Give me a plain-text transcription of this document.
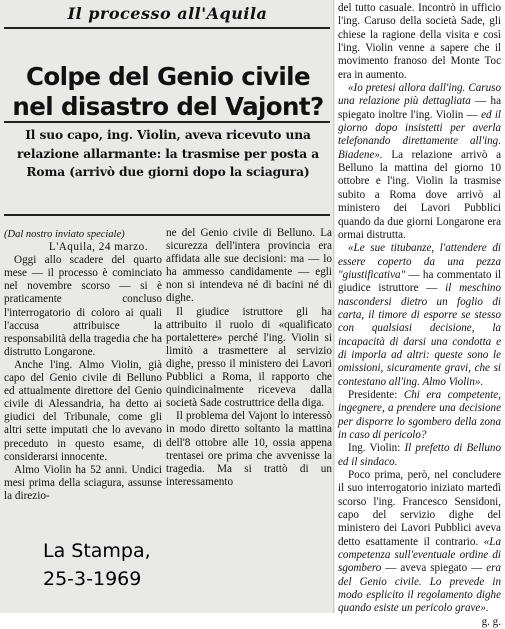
Il processo all'Aquila
Colpe del Genio civile
nel disastro del Vajont?
Il suo capo, ing. Violin, aveva ricevuto una relazione allarmante: la trasmise per posta a Roma (arrivò due giorni dopo la sciagura)

(Dal nostro inviato speciale)

L'Aquila, 24 marzo.

Oggi allo scadere del quarto mese — il processo è cominciato nel novembre scorso — si è praticamente concluso l'interrogatorio di coloro ai quali l'accusa attribuisce la responsabilità della tragedia che ha distrutto Longarone.

Anche l'ing. Almo Violin, già capo del Genio civile di Belluno ed attualmente direttore del Genio civile di Alessandria, ha detto ai giudici del Tribunale, come gli altri sette imputati che lo avevano preceduto in questo esame, di considerarsi innocente.

Almo Violin ha 52 anni. Undici mesi prima della sciagura, assunse la direzio-

ne del Genio civile di Belluno. La sicurezza dell'intera provincia era affidata alle sue decisioni: ma — lo ha ammesso candidamente — egli non si intendeva né di bacini né di dighe.

Il giudice istruttore gli ha attribuito il ruolo di «qualificato portalettere» perché l'ing. Violin si limitò a trasmettere al servizio dighe, presso il ministero dei Lavori Pubblici a Roma, il rapporto che quindicinalmente riceveva dalla società Sade costruttrice della diga.

Il problema del Vajont lo interessò in modo diretto soltanto la mattina dell'8 ottobre alle 10, ossia appena trentasei ore prima che avvenisse la tragedia. Ma si trattò di un interessamento

del tutto casuale. Incontrò in ufficio l'ing. Caruso della società Sade, gli chiese la ragione della visita e così l'ing. Violin venne a sapere che il movimento franoso del Monte Toc era in aumento.

«Io pretesi allora dall'ing. Caruso una relazione più dettagliata — ha spiegato inoltre l'ing. Violin — ed il giorno dopo insistetti per averla telefonando direttamente all'ing. Biadene». La relazione arrivò a Belluno la mattina del giorno 10 ottobre e l'ing. Violin la trasmise subito a Roma dove arrivò al ministero dei Lavori Pubblici quando da due giorni Longarone era ormai distrutta.

«Le sue titubanze, l'attendere di essere coperto da una pezza "giustificativa" — ha commentato il giudice istruttore — il meschino nascondersi dietro un foglio di carta, il timore di esporre se stesso con qualsiasi decisione, la incapacità di darsi una condotta e di imporla ad altri: queste sono le omissioni, sicuramente gravi, che si contestano all'ing. Almo Violin».

Presidente: Chi era competente, ingegnere, a prendere una decisione per disporre lo sgombero della zona in caso di pericolo?

Ing. Violin: Il prefetto di Belluno ed il sindaco.

Poco prima, però, nel concludere il suo interrogatorio iniziato martedì scorso l'ing. Francesco Sensidoni, capo del servizio dighe del ministero dei Lavori Pubblici aveva detto esattamente il contrario. «La competenza sull'eventuale ordine di sgombero — aveva spiegato — era del Genio civile. Lo prevede in modo esplicito il regolamento dighe quando esiste un pericolo grave».

g. g.

La Stampa,
25-3-1969
